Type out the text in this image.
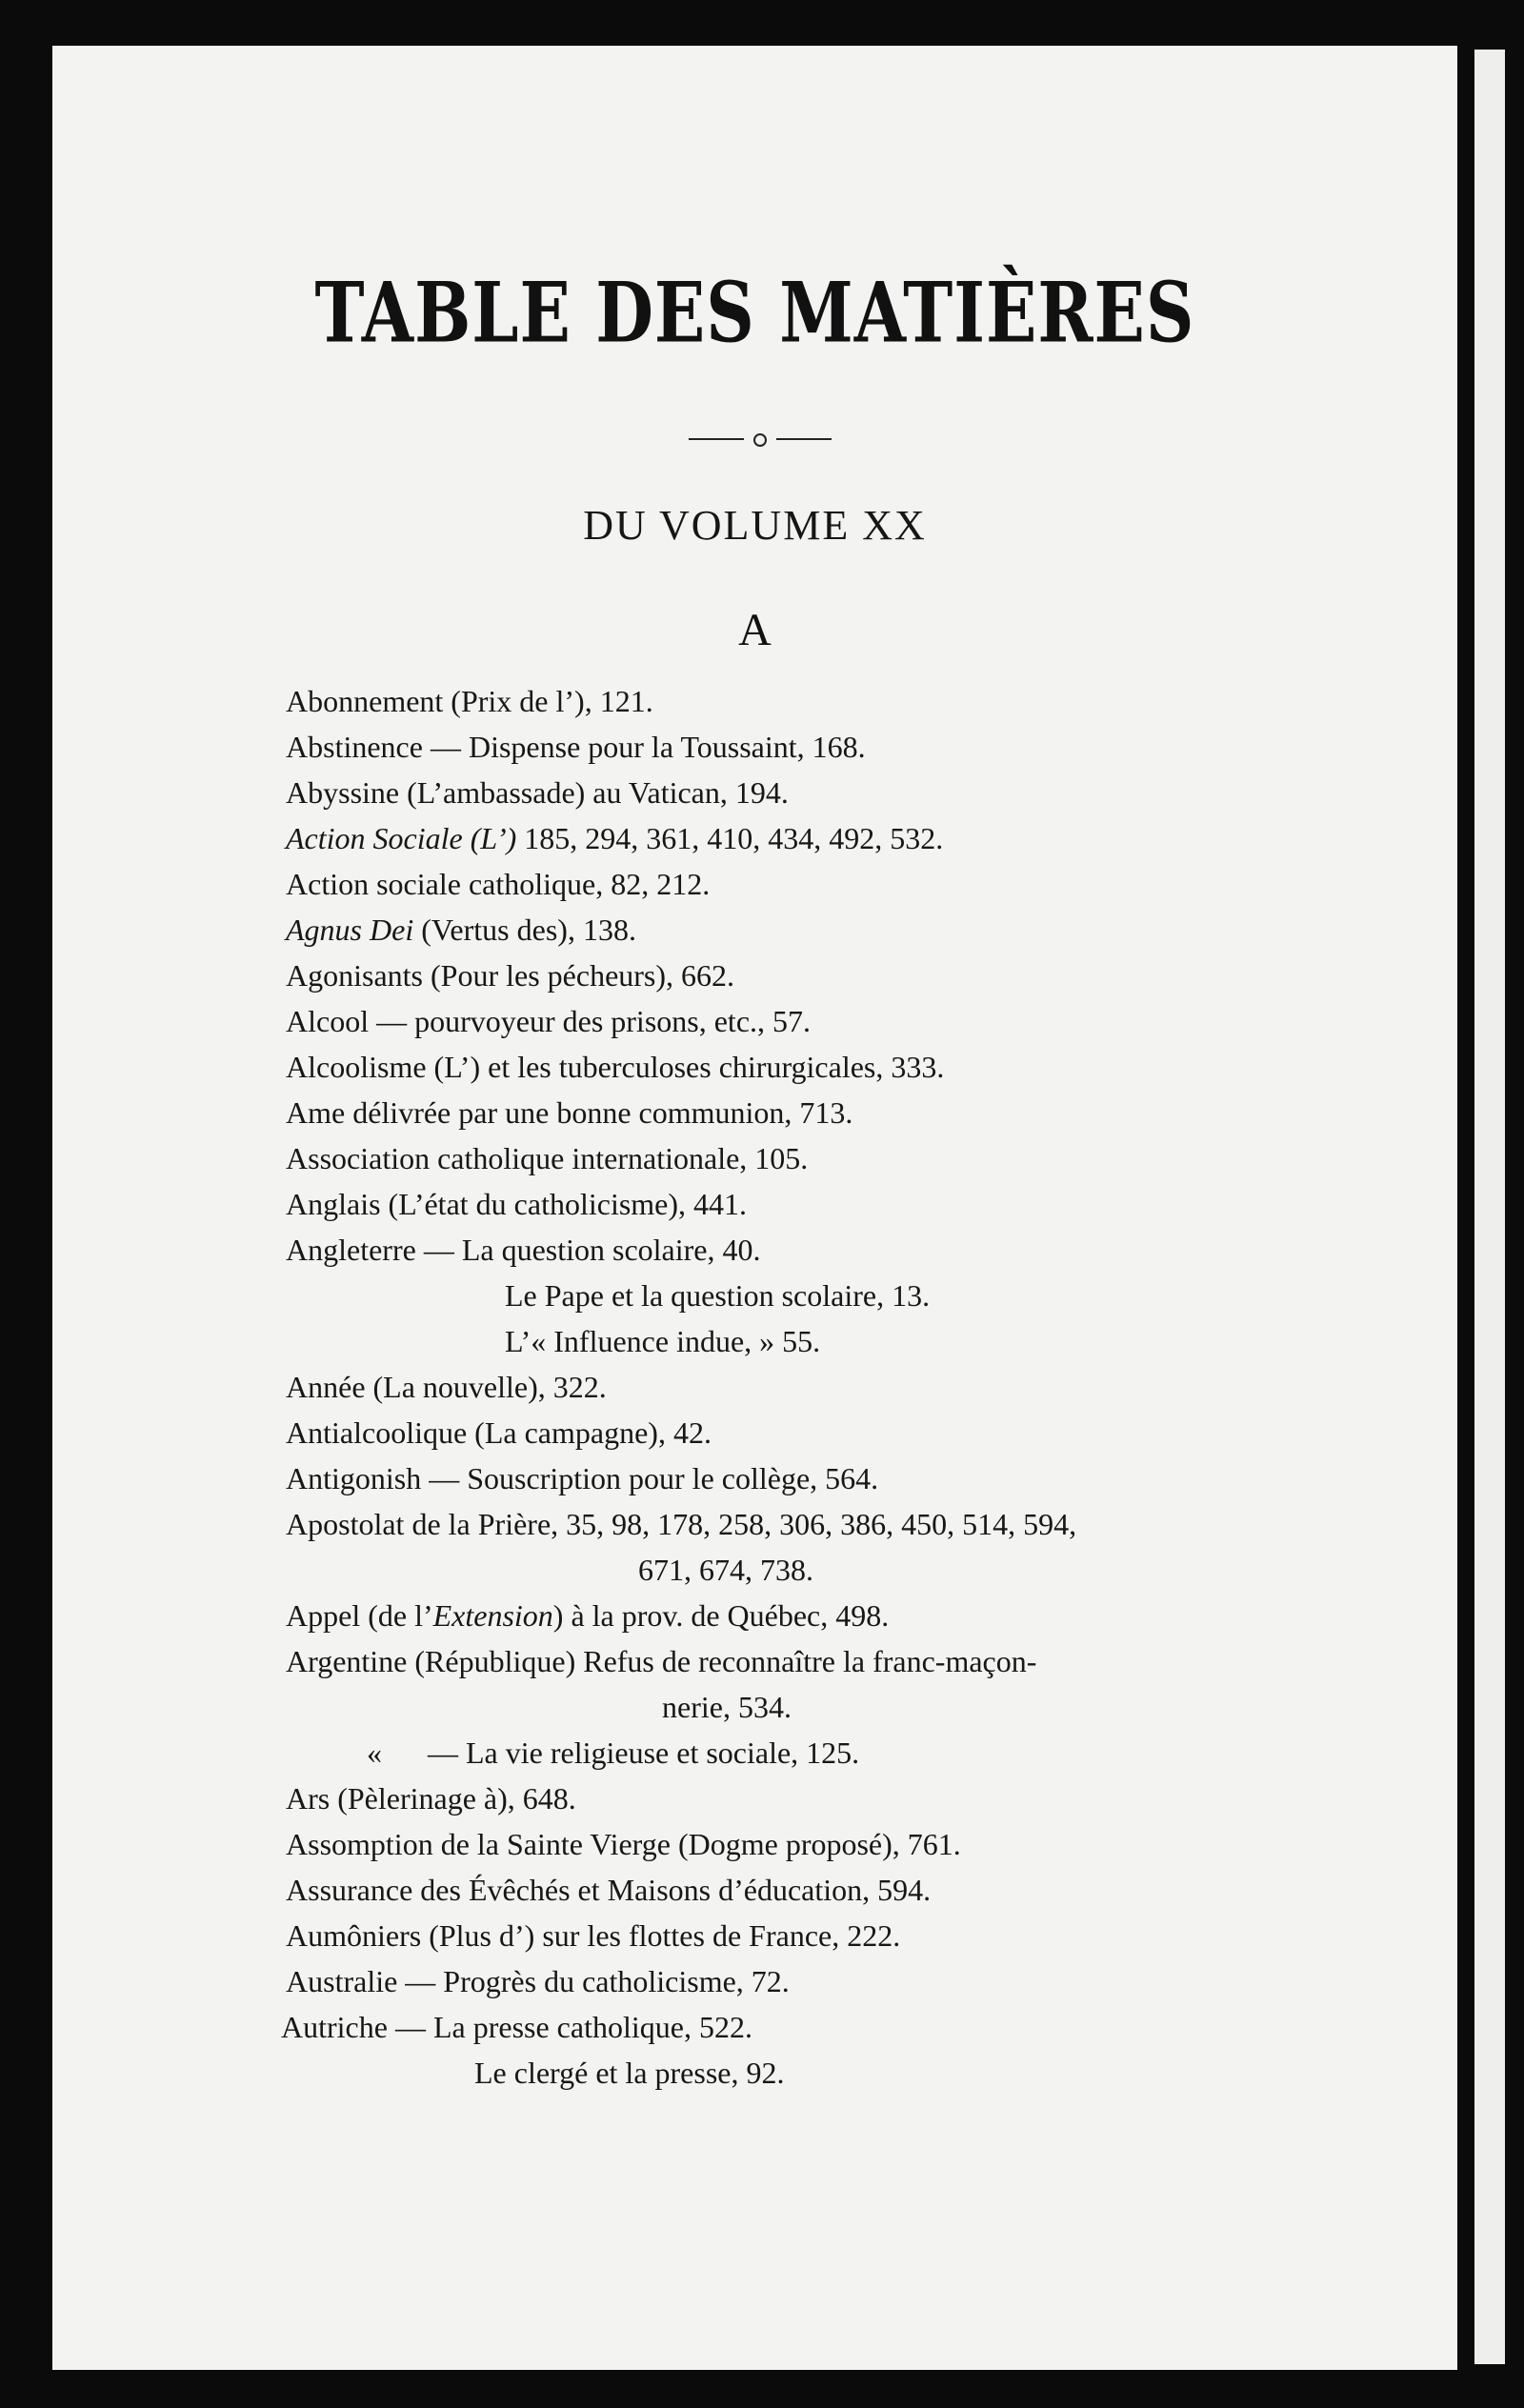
TABLE DES MATIÈRES
DU VOLUME XX
A
Abonnement (Prix de l’), 121.
Abstinence — Dispense pour la Toussaint, 168.
Abyssine (L’ambassade) au Vatican, 194.
Action Sociale (L’) 185, 294, 361, 410, 434, 492, 532.
Action sociale catholique, 82, 212.
Agnus Dei (Vertus des), 138.
Agonisants (Pour les pécheurs), 662.
Alcool — pourvoyeur des prisons, etc., 57.
Alcoolisme (L’) et les tuberculoses chirurgicales, 333.
Ame délivrée par une bonne communion, 713.
Association catholique internationale, 105.
Anglais (L’état du catholicisme), 441.
Angleterre — La question scolaire, 40.
Le Pape et la question scolaire, 13.
L’« Influence indue, » 55.
Année (La nouvelle), 322.
Antialcoolique (La campagne), 42.
Antigonish — Souscription pour le collège, 564.
Apostolat de la Prière, 35, 98, 178, 258, 306, 386, 450, 514, 594,
671, 674, 738.
Appel (de l’Extension) à la prov. de Québec, 498.
Argentine (République) Refus de reconnaître la franc-maçon-
nerie, 534.
«      — La vie religieuse et sociale, 125.
Ars (Pèlerinage à), 648.
Assomption de la Sainte Vierge (Dogme proposé), 761.
Assurance des Évêchés et Maisons d’éducation, 594.
Aumôniers (Plus d’) sur les flottes de France, 222.
Australie — Progrès du catholicisme, 72.
Autriche — La presse catholique, 522.
Le clergé et la presse, 92.
